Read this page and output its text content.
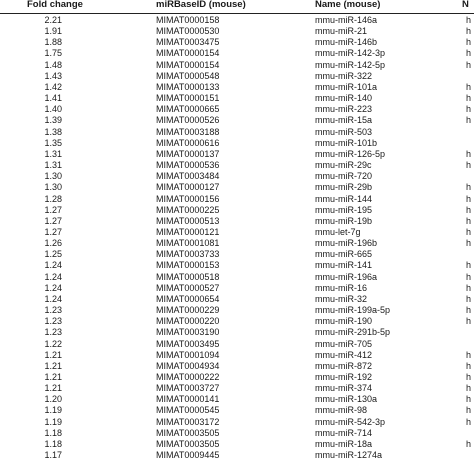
Fold change	miRBaseID (mouse)	Name (mouse)	N
2.21	MIMAT0000158	mmu-miR-146a	h
1.91	MIMAT0000530	mmu-miR-21	h
1.88	MIMAT0003475	mmu-miR-146b	h
1.75	MIMAT0000154	mmu-miR-142-3p	h
1.48	MIMAT0000154	mmu-miR-142-5p	h
1.43	MIMAT0000548	mmu-miR-322
1.42	MIMAT0000133	mmu-miR-101a	h
1.41	MIMAT0000151	mmu-miR-140	h
1.40	MIMAT0000665	mmu-miR-223	h
1.39	MIMAT0000526	mmu-miR-15a	h
1.38	MIMAT0003188	mmu-miR-503
1.35	MIMAT0000616	mmu-miR-101b
1.31	MIMAT0000137	mmu-miR-126-5p	h
1.31	MIMAT0000536	mmu-miR-29c	h
1.30	MIMAT0003484	mmu-miR-720
1.30	MIMAT0000127	mmu-miR-29b	h
1.28	MIMAT0000156	mmu-miR-144	h
1.27	MIMAT0000225	mmu-miR-195	h
1.27	MIMAT0000513	mmu-miR-19b	h
1.27	MIMAT0000121	mmu-let-7g	h
1.26	MIMAT0001081	mmu-miR-196b	h
1.25	MIMAT0003733	mmu-miR-665
1.24	MIMAT0000153	mmu-miR-141	h
1.24	MIMAT0000518	mmu-miR-196a	h
1.24	MIMAT0000527	mmu-miR-16	h
1.24	MIMAT0000654	mmu-miR-32	h
1.23	MIMAT0000229	mmu-miR-199a-5p	h
1.23	MIMAT0000220	mmu-miR-190	h
1.23	MIMAT0003190	mmu-miR-291b-5p
1.22	MIMAT0003495	mmu-miR-705
1.21	MIMAT0001094	mmu-miR-412	h
1.21	MIMAT0004934	mmu-miR-872	h
1.21	MIMAT0000222	mmu-miR-192	h
1.21	MIMAT0003727	mmu-miR-374	h
1.20	MIMAT0000141	mmu-miR-130a	h
1.19	MIMAT0000545	mmu-miR-98	h
1.19	MIMAT0003172	mmu-miR-542-3p	h
1.18	MIMAT0003505	mmu-miR-714
1.18	MIMAT0003505	mmu-miR-18a	h
1.17	MIMAT0009445	mmu-miR-1274a
